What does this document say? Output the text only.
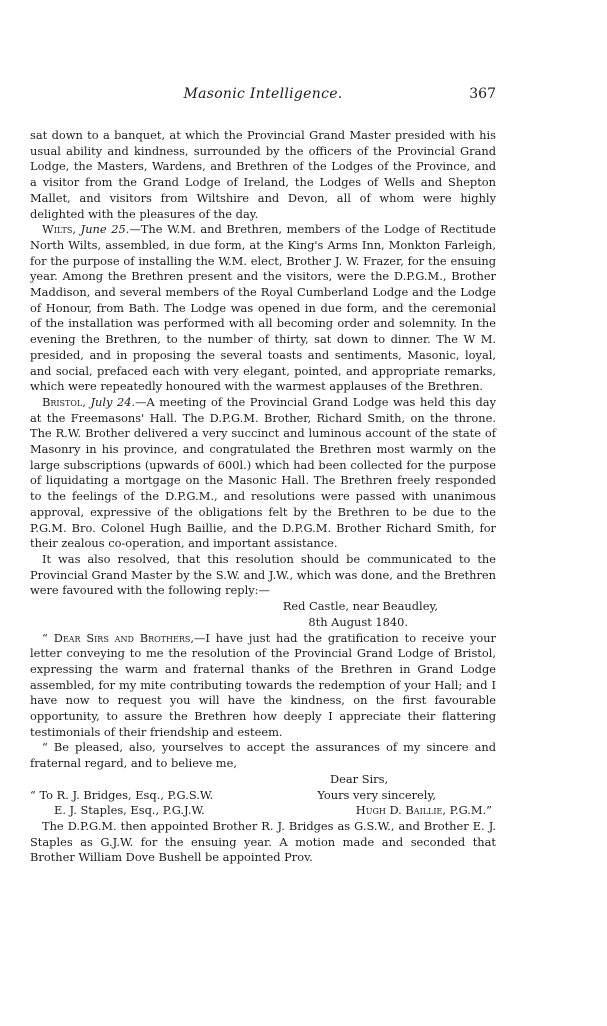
Masonic Intelligence.	367

sat down to a banquet, at which the Provincial Grand Master presided with his usual ability and kindness, surrounded by the officers of the Provincial Grand Lodge, the Masters, Wardens, and Brethren of the Lodges of the Province, and a visitor from the Grand Lodge of Ireland, the Lodges of Wells and Shepton Mallet, and visitors from Wiltshire and Devon, all of whom were highly delighted with the pleasures of the day.

Wilts, June 25.—The W.M. and Brethren, members of the Lodge of Rectitude North Wilts, assembled, in due form, at the King's Arms Inn, Monkton Farleigh, for the purpose of installing the W.M. elect, Brother J. W. Frazer, for the ensuing year. Among the Brethren present and the visitors, were the D.P.G.M., Brother Maddison, and several members of the Royal Cumberland Lodge and the Lodge of Honour, from Bath. The Lodge was opened in due form, and the ceremonial of the installation was performed with all becoming order and solemnity. In the evening the Brethren, to the number of thirty, sat down to dinner. The W M. presided, and in proposing the several toasts and sentiments, Masonic, loyal, and social, prefaced each with very elegant, pointed, and appropriate remarks, which were repeatedly honoured with the warmest applauses of the Brethren.

Bristol, July 24.—A meeting of the Provincial Grand Lodge was held this day at the Freemasons' Hall. The D.P.G.M. Brother, Richard Smith, on the throne. The R.W. Brother delivered a very succinct and luminous account of the state of Masonry in his province, and congratulated the Brethren most warmly on the large subscriptions (upwards of 600l.) which had been collected for the purpose of liquidating a mortgage on the Masonic Hall. The Brethren freely responded to the feelings of the D.P.G.M., and resolutions were passed with unanimous approval, expressive of the obligations felt by the Brethren to be due to the P.G.M. Bro. Colonel Hugh Baillie, and the D.P.G.M. Brother Richard Smith, for their zealous co-operation, and important assistance.

It was also resolved, that this resolution should be communicated to the Provincial Grand Master by the S.W. and J.W., which was done, and the Brethren were favoured with the following reply:—

Red Castle, near Beaudley,

8th August 1840.

“ Dear Sirs and Brothers,—I have just had the gratification to receive your letter conveying to me the resolution of the Provincial Grand Lodge of Bristol, expressing the warm and fraternal thanks of the Brethren in Grand Lodge assembled, for my mite contributing towards the redemption of your Hall; and I have now to request you will have the kindness, on the first favourable opportunity, to assure the Brethren how deeply I appreciate their flattering testimonials of their friendship and esteem.

“ Be pleased, also, yourselves to accept the assurances of my sincere and fraternal regard, and to believe me,

Dear Sirs,

“ To R. J. Bridges, Esq., P.G.S.W.	Yours very sincerely,
E. J. Staples, Esq., P.G.J.W.	Hugh D. Baillie, P.G.M.”

The D.P.G.M. then appointed Brother R. J. Bridges as G.S.W., and Brother E. J. Staples as G.J.W. for the ensuing year. A motion made and seconded that Brother William Dove Bushell be appointed Prov.
